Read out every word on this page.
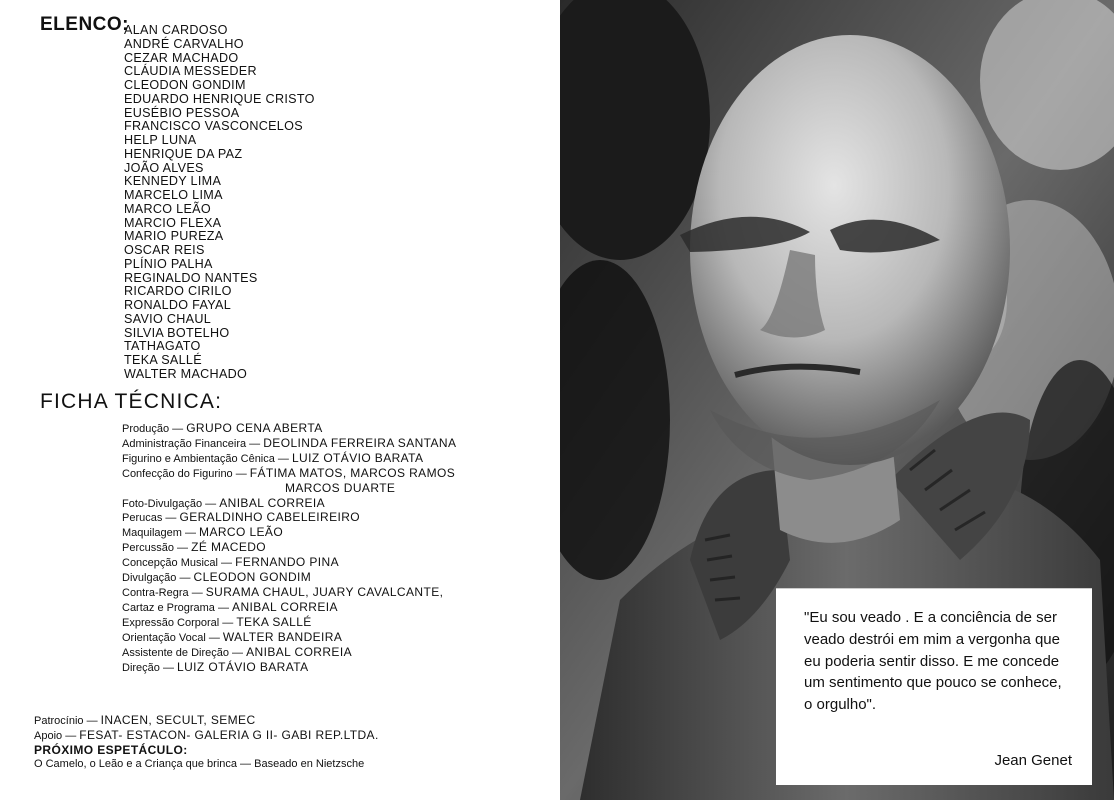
ELENCO:
ALAN CARDOSO
ANDRÉ CARVALHO
CEZAR MACHADO
CLÁUDIA MESSEDER
CLEODON GONDIM
EDUARDO HENRIQUE CRISTO
EUSÉBIO PESSOA
FRANCISCO VASCONCELOS
HELP LUNA
HENRIQUE DA PAZ
JOÃO ALVES
KENNEDY LIMA
MARCELO LIMA
MARCO LEÃO
MARCIO FLEXA
MARIO PUREZA
OSCAR REIS
PLÍNIO PALHA
REGINALDO NANTES
RICARDO CIRILO
RONALDO FAYAL
SAVIO CHAUL
SILVIA BOTELHO
TATHAGATO
TEKA SALLÉ
WALTER MACHADO
FICHA TÉCNICA:
Produção — GRUPO CENA ABERTA
Administração Financeira — DEOLINDA FERREIRA SANTANA
Figurino e Ambientação Cênica — LUIZ OTÁVIO BARATA
Confecção do Figurino — FÁTIMA MATOS, MARCOS RAMOS
MARCOS DUARTE
Foto-Divulgação — ANIBAL CORREIA
Perucas — GERALDINHO CABELEIREIRO
Maquilagem — MARCO LEÃO
Percussão — ZÉ MACEDO
Concepção Musical — FERNANDO PINA
Divulgação — CLEODON GONDIM
Contra-Regra — SURAMA CHAUL, JUARY CAVALCANTE,
Cartaz e Programa — ANIBAL CORREIA
Expressão Corporal — TEKA SALLÉ
Orientação Vocal — WALTER BANDEIRA
Assistente de Direção — ANIBAL CORREIA
Direção — LUIZ OTÁVIO BARATA
Patrocínio — INACEN, SECULT, SEMEC
Apoio — FESAT- ESTACON- GALERIA G II- GABI REP.LTDA.
PRÓXIMO ESPETÁCULO:
O Camelo, o Leão e a Criança que brinca — Baseado en Nietzsche

"Eu sou veado . E a conciência de ser veado destrói em mim a vergonha que eu poderia sentir disso. E me concede um sentimento que pouco se conhece, o orgulho".

Jean Genet
